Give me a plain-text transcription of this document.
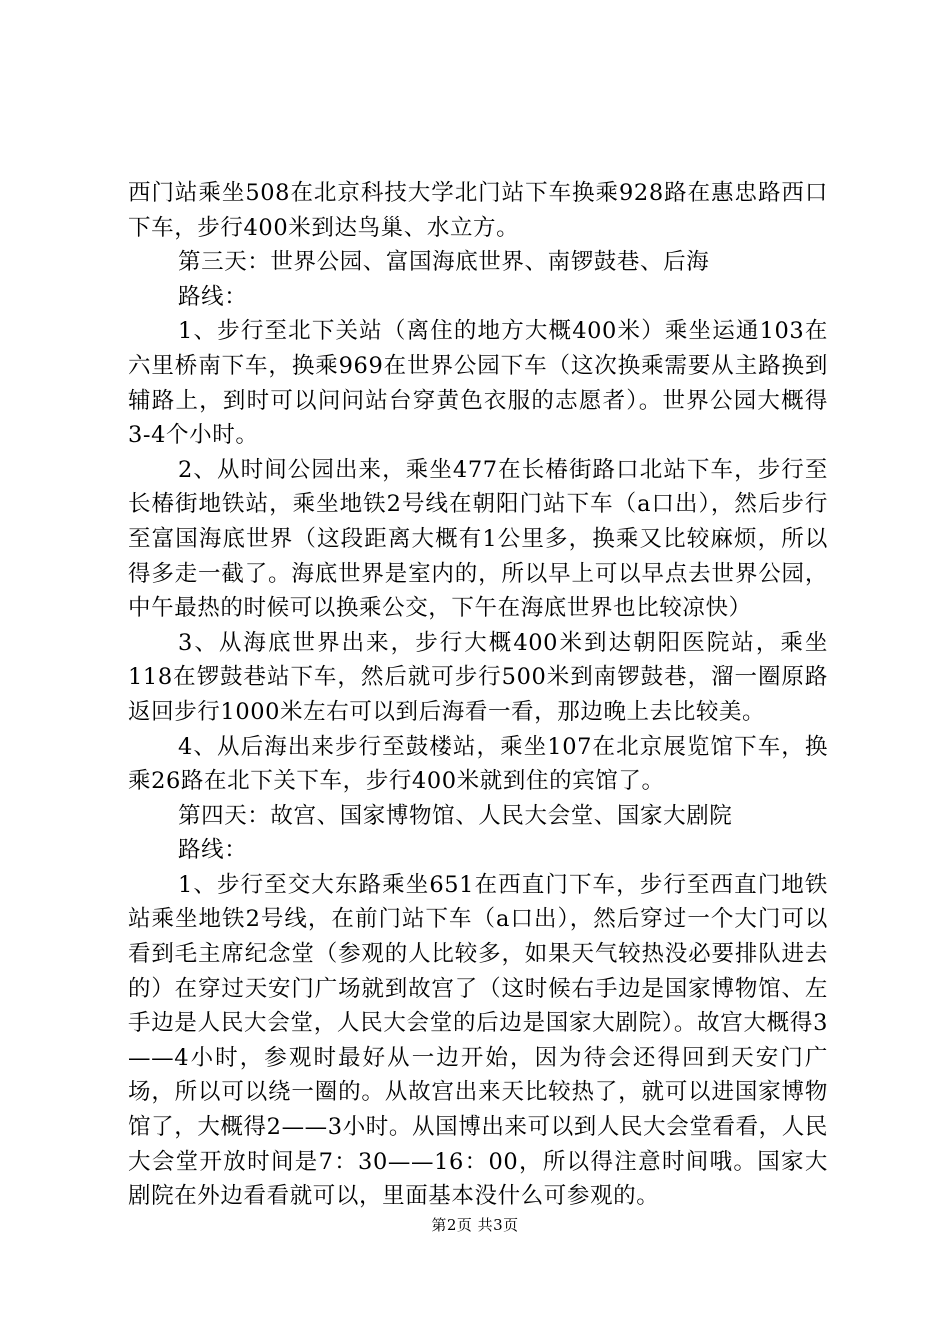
西门站乘坐508在北京科技大学北门站下车换乘928路在惠忠路西口下车，步行400米到达鸟巢、水立方。

第三天：世界公园、富国海底世界、南锣鼓巷、后海

路线：

1、步行至北下关站（离住的地方大概400米）乘坐运通103在六里桥南下车，换乘969在世界公园下车（这次换乘需要从主路换到辅路上，到时可以问问站台穿黄色衣服的志愿者）。世界公园大概得3-4个小时。

2、从时间公园出来，乘坐477在长椿街路口北站下车，步行至长椿街地铁站，乘坐地铁2号线在朝阳门站下车（a口出），然后步行至富国海底世界（这段距离大概有1公里多，换乘又比较麻烦，所以得多走一截了。海底世界是室内的，所以早上可以早点去世界公园，中午最热的时候可以换乘公交，下午在海底世界也比较凉快）

3、从海底世界出来，步行大概400米到达朝阳医院站，乘坐118在锣鼓巷站下车，然后就可步行500米到南锣鼓巷，溜一圈原路返回步行1000米左右可以到后海看一看，那边晚上去比较美。

4、从后海出来步行至鼓楼站，乘坐107在北京展览馆下车，换乘26路在北下关下车，步行400米就到住的宾馆了。

第四天：故宫、国家博物馆、人民大会堂、国家大剧院

路线：

1、步行至交大东路乘坐651在西直门下车，步行至西直门地铁站乘坐地铁2号线，在前门站下车（a口出），然后穿过一个大门可以看到毛主席纪念堂（参观的人比较多，如果天气较热没必要排队进去的）在穿过天安门广场就到故宫了（这时候右手边是国家博物馆、左手边是人民大会堂，人民大会堂的后边是国家大剧院）。故宫大概得3——4小时，参观时最好从一边开始，因为待会还得回到天安门广场，所以可以绕一圈的。从故宫出来天比较热了，就可以进国家博物馆了，大概得2——3小时。从国博出来可以到人民大会堂看看，人民大会堂开放时间是7：30——16：00，所以得注意时间哦。国家大剧院在外边看看就可以，里面基本没什么可参观的。

第2页 共3页
